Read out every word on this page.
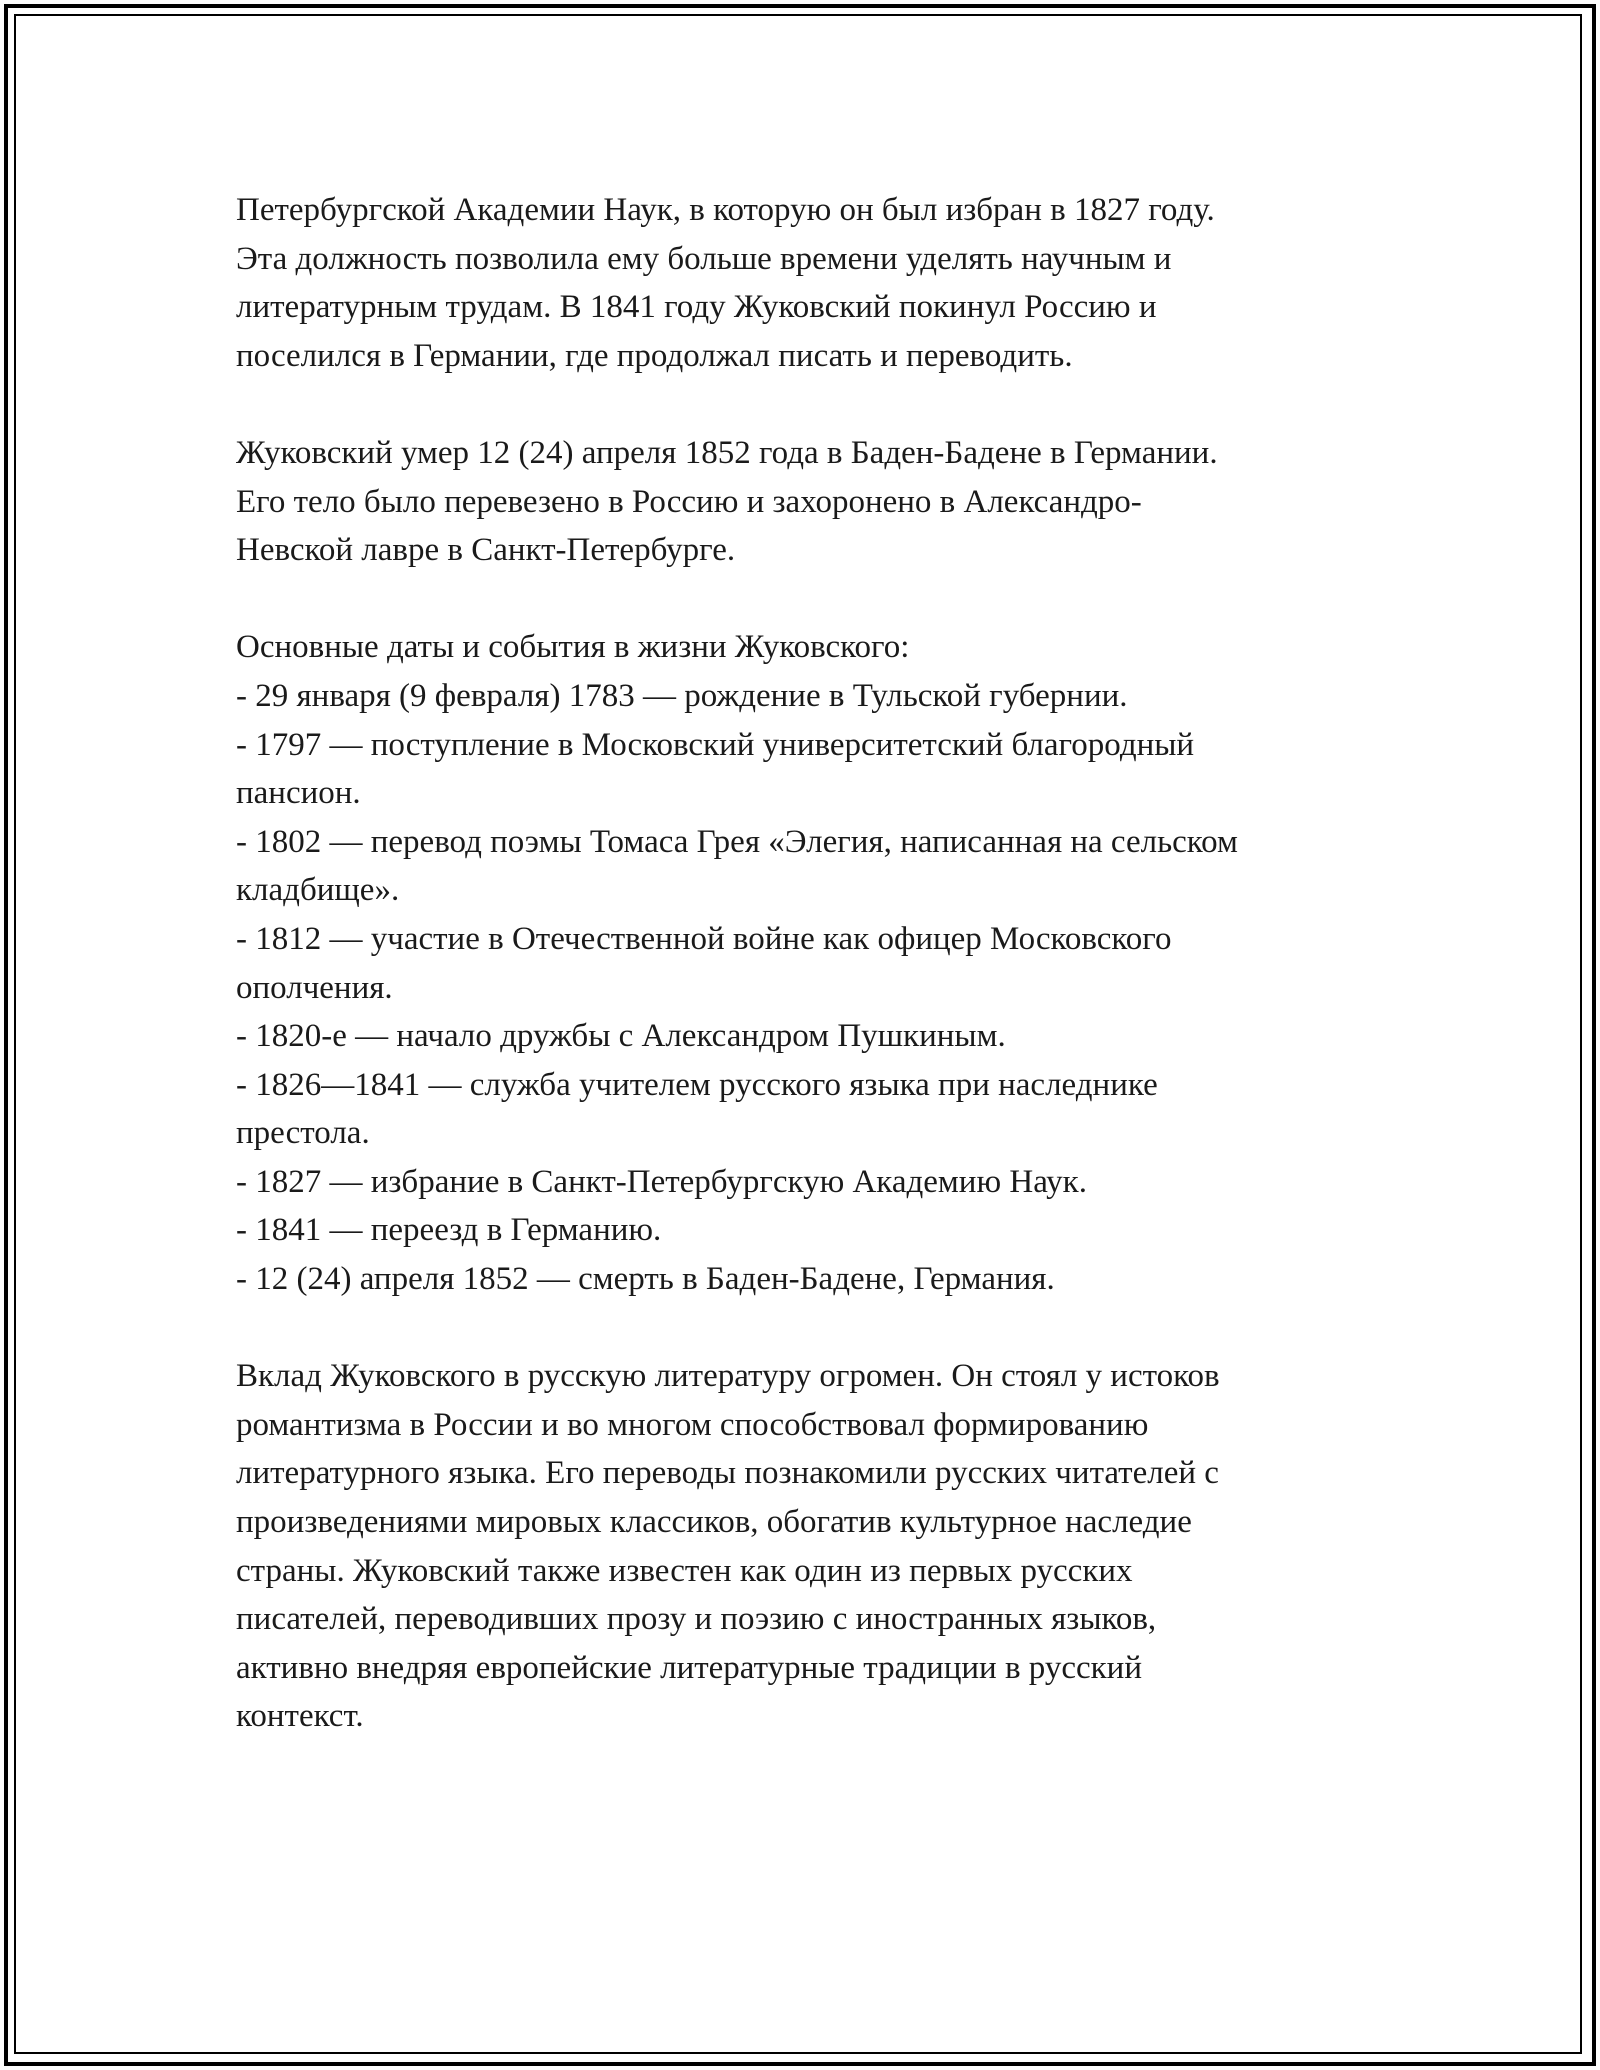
Петербургской Академии Наук, в которую он был избран в 1827 году.
Эта должность позволила ему больше времени уделять научным и
литературным трудам. В 1841 году Жуковский покинул Россию и
поселился в Германии, где продолжал писать и переводить.
Жуковский умер 12 (24) апреля 1852 года в Баден-Бадене в Германии.
Его тело было перевезено в Россию и захоронено в Александро-
Невской лавре в Санкт-Петербурге.
Основные даты и события в жизни Жуковского:
- 29 января (9 февраля) 1783 — рождение в Тульской губернии.
- 1797 — поступление в Московский университетский благородный
пансион.
- 1802 — перевод поэмы Томаса Грея «Элегия, написанная на сельском
кладбище».
- 1812 — участие в Отечественной войне как офицер Московского
ополчения.
- 1820-е — начало дружбы с Александром Пушкиным.
- 1826—1841 — служба учителем русского языка при наследнике
престола.
- 1827 — избрание в Санкт-Петербургскую Академию Наук.
- 1841 — переезд в Германию.
- 12 (24) апреля 1852 — смерть в Баден-Бадене, Германия.
Вклад Жуковского в русскую литературу огромен. Он стоял у истоков
романтизма в России и во многом способствовал формированию
литературного языка. Его переводы познакомили русских читателей с
произведениями мировых классиков, обогатив культурное наследие
страны. Жуковский также известен как один из первых русских
писателей, переводивших прозу и поэзию с иностранных языков,
активно внедряя европейские литературные традиции в русский
контекст.
